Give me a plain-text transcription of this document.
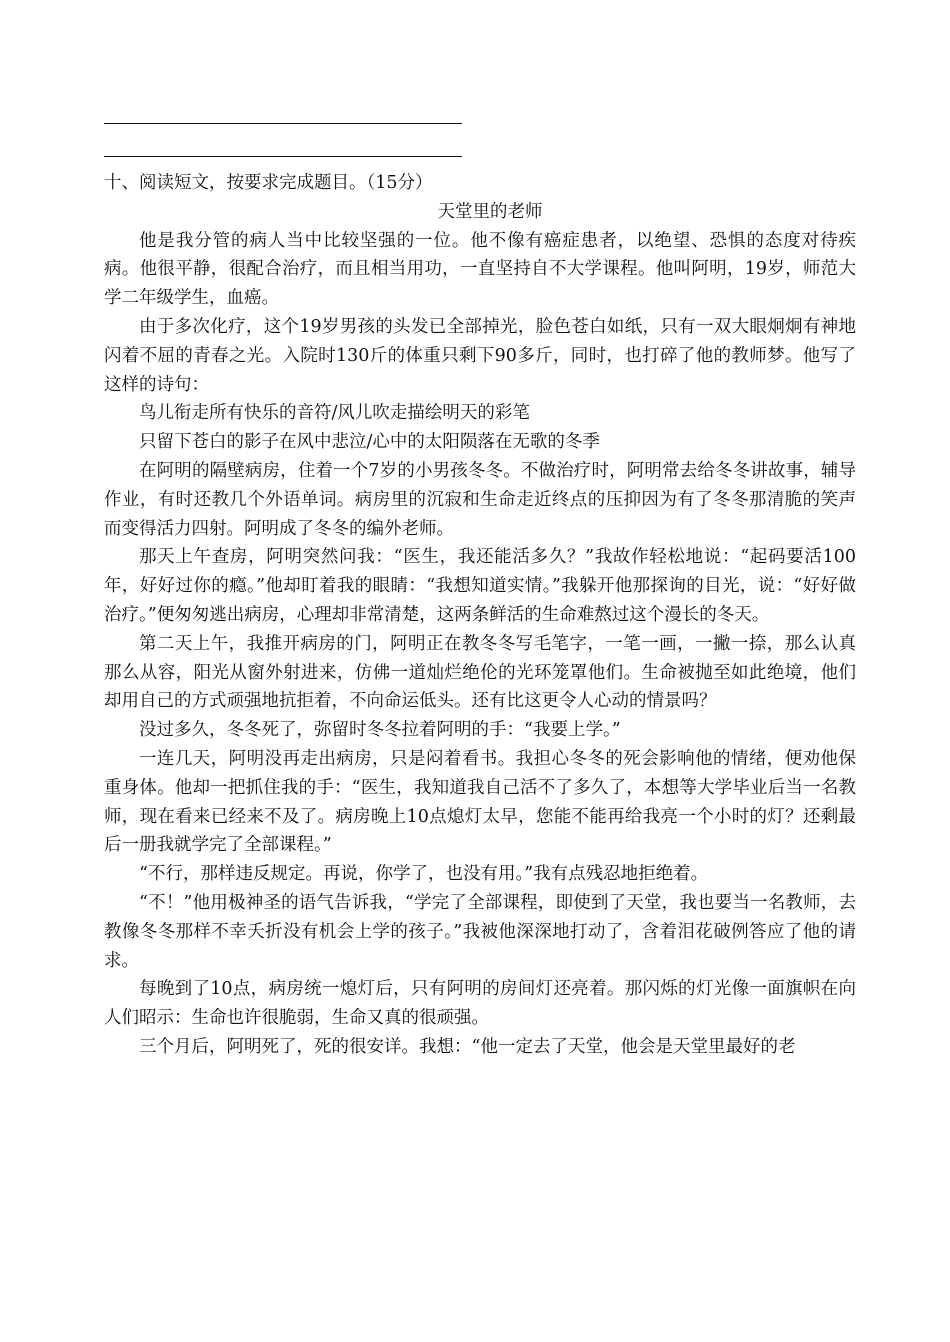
十、阅读短文，按要求完成题目。（15分）

天堂里的老师

他是我分管的病人当中比较坚强的一位。他不像有癌症患者，以绝望、恐惧的态度对待疾病。他很平静，很配合治疗，而且相当用功，一直坚持自不大学课程。他叫阿明，19岁，师范大学二年级学生，血癌。

由于多次化疗，这个19岁男孩的头发已全部掉光，脸色苍白如纸，只有一双大眼炯炯有神地闪着不屈的青春之光。入院时130斤的体重只剩下90多斤，同时，也打碎了他的教师梦。他写了这样的诗句：

鸟儿衔走所有快乐的音符/风儿吹走描绘明天的彩笔

只留下苍白的影子在风中悲泣/心中的太阳陨落在无歌的冬季

在阿明的隔壁病房，住着一个7岁的小男孩冬冬。不做治疗时，阿明常去给冬冬讲故事，辅导作业，有时还教几个外语单词。病房里的沉寂和生命走近终点的压抑因为有了冬冬那清脆的笑声而变得活力四射。阿明成了冬冬的编外老师。

那天上午查房，阿明突然问我：“医生，我还能活多久？”我故作轻松地说：“起码要活100年，好好过你的瘾。”他却盯着我的眼睛：“我想知道实情。”我躲开他那探询的目光，说：“好好做治疗。”便匆匆逃出病房，心理却非常清楚，这两条鲜活的生命难熬过这个漫长的冬天。

第二天上午，我推开病房的门，阿明正在教冬冬写毛笔字，一笔一画，一撇一捺，那么认真那么从容，阳光从窗外射进来，仿佛一道灿烂绝伦的光环笼罩他们。生命被抛至如此绝境，他们却用自己的方式顽强地抗拒着，不向命运低头。还有比这更令人心动的情景吗？

没过多久，冬冬死了，弥留时冬冬拉着阿明的手：“我要上学。”

一连几天，阿明没再走出病房，只是闷着看书。我担心冬冬的死会影响他的情绪，便劝他保重身体。他却一把抓住我的手：“医生，我知道我自己活不了多久了，本想等大学毕业后当一名教师，现在看来已经来不及了。病房晚上10点熄灯太早，您能不能再给我亮一个小时的灯？还剩最后一册我就学完了全部课程。”

“不行，那样违反规定。再说，你学了，也没有用。”我有点残忍地拒绝着。

“不！”他用极神圣的语气告诉我，“学完了全部课程，即使到了天堂，我也要当一名教师，去教像冬冬那样不幸夭折没有机会上学的孩子。”我被他深深地打动了，含着泪花破例答应了他的请求。

每晚到了10点，病房统一熄灯后，只有阿明的房间灯还亮着。那闪烁的灯光像一面旗帜在向人们昭示：生命也许很脆弱，生命又真的很顽强。

三个月后，阿明死了，死的很安详。我想：“他一定去了天堂，他会是天堂里最好的老
